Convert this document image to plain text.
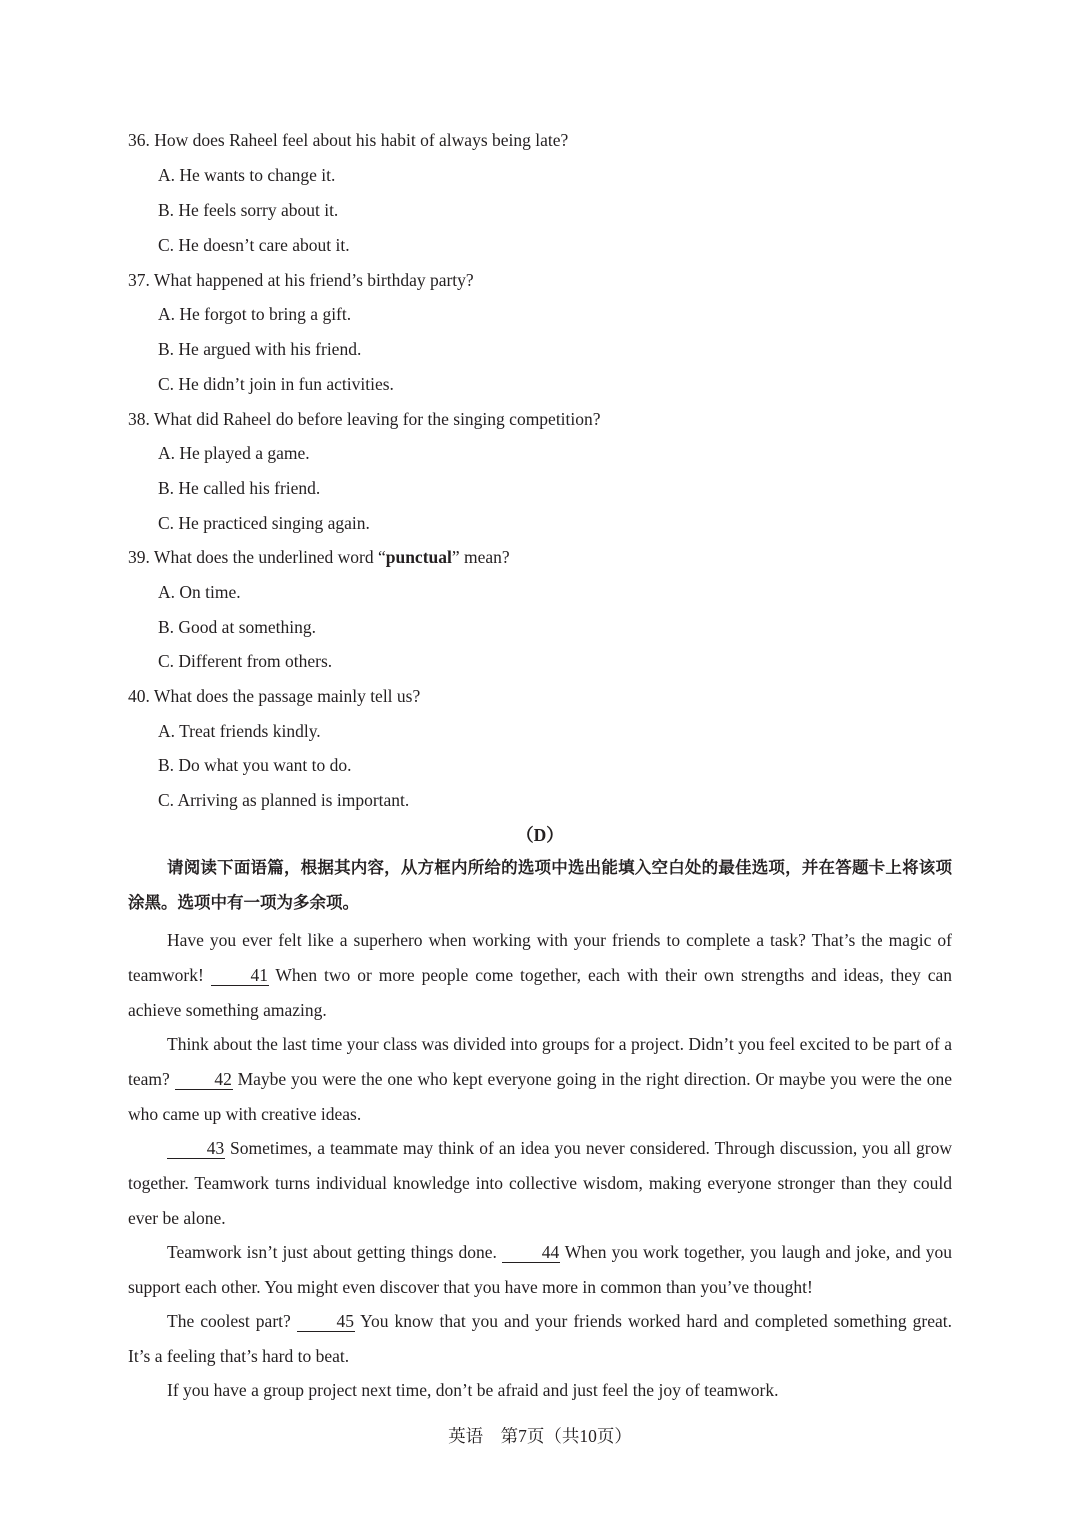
36. How does Raheel feel about his habit of always being late?
A. He wants to change it.
B. He feels sorry about it.
C. He doesn’t care about it.
37. What happened at his friend’s birthday party?
A. He forgot to bring a gift.
B. He argued with his friend.
C. He didn’t join in fun activities.
38. What did Raheel do before leaving for the singing competition?
A. He played a game.
B. He called his friend.
C. He practiced singing again.
39. What does the underlined word “punctual” mean?
A. On time.
B. Good at something.
C. Different from others.
40. What does the passage mainly tell us?
A. Treat friends kindly.
B. Do what you want to do.
C. Arriving as planned is important.
（D）
请阅读下面语篇，根据其内容，从方框内所给的选项中选出能填入空白处的最佳选项，并在答题卡上将该项涂黑。选项中有一项为多余项。
Have you ever felt like a superhero when working with your friends to complete a task? That’s the magic of teamwork! 41 When two or more people come together, each with their own strengths and ideas, they can achieve something amazing.
Think about the last time your class was divided into groups for a project. Didn’t you feel excited to be part of a team? 42 Maybe you were the one who kept everyone going in the right direction. Or maybe you were the one who came up with creative ideas.
43 Sometimes, a teammate may think of an idea you never considered. Through discussion, you all grow together. Teamwork turns individual knowledge into collective wisdom, making everyone stronger than they could ever be alone.
Teamwork isn’t just about getting things done. 44 When you work together, you laugh and joke, and you support each other. You might even discover that you have more in common than you’ve thought!
The coolest part? 45 You know that you and your friends worked hard and completed something great. It’s a feeling that’s hard to beat.
If you have a group project next time, don’t be afraid and just feel the joy of teamwork.
英语　第7页（共10页）
